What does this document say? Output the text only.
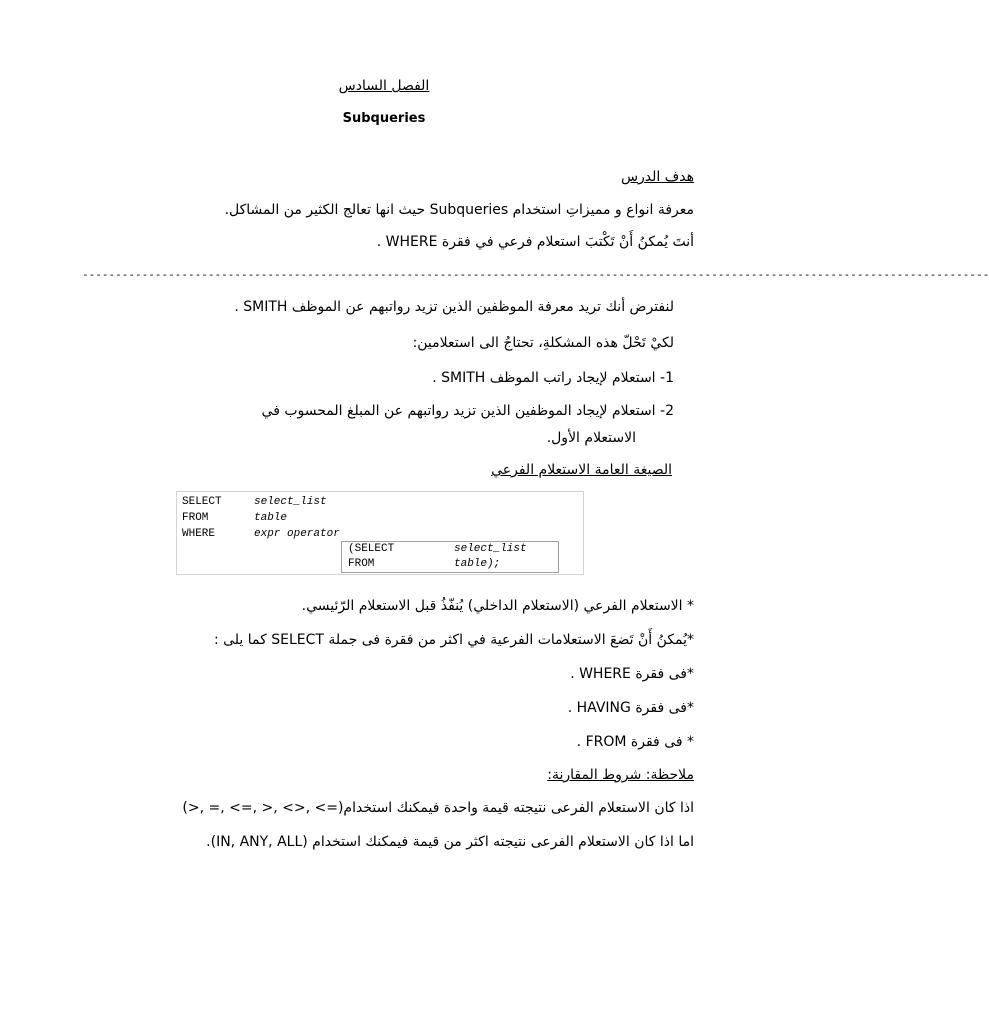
الفصل السادس
Subqueries
هدف الدرس
معرفة انواع و مميزاتِ استخدام Subqueries حيث انها تعالج الكثير من المشاكل.
أنتَ يُمكنُ أَنْ تَكْتبَ استعلام فرعي في فقرة WHERE .
-----------------------------------------------------------------------------------------------------------------------------------------
لنفترض أنك تريد معرفة الموظفين الذين تزيد رواتبهم عن الموظف SMITH .
لكيْ تَحْلّ هذه المشكلةِ، تحتاجُ الى استعلامين:
1- استعلام لإيجاد راتب الموظف SMITH .
2- استعلام لإيجاد الموظفين الذين تزيد رواتبهم عن المبلغ المحسوب في
الاستعلام الأول.
الصيغة العامة الاستعلام الفرعي
SELECT	select_list
FROM	table
WHERE	expr operator
(SELECT	select_list
FROM	table);
* الاستعلام الفرعي (الاستعلام الداخلي) يُنفّذُ قبل الاستعلام الرّئيسي.
*يُمكنُ أَنْ تَضعَ الاستعلامات الفرعية في اكثر من فقرة فى جملة SELECT كما يلى :
*فى فقرة WHERE .
*فى فقرة HAVING .
* فى فقرة FROM .
ملاحظة: شروط المقارنة:
اذا كان الاستعلام الفرعى نتيجته قيمة واحدة فيمكنك استخدام(=> ,<> ,< ,=> ,= ,<)
اما اذا كان الاستعلام الفرعى نتيجته اكثر من قيمة فيمكنك استخدام (IN, ANY, ALL).
